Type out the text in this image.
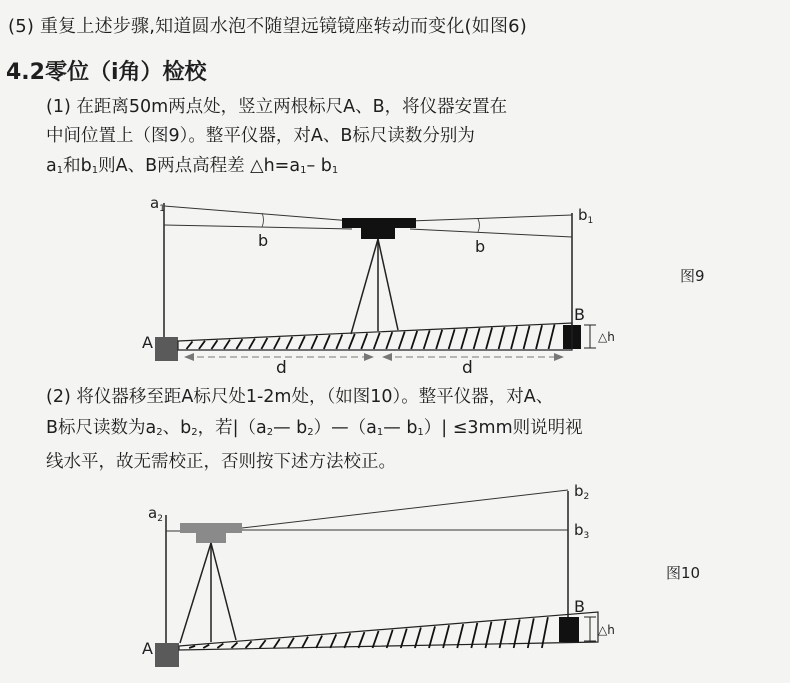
(5) 重复上述步骤,知道圆水泡不随望远镜镜座转动而变化(如图6)
4.2零位（i角）检校
(1) 在距离50m两点处，竖立两根标尺A、B，将仪器安置在
中间位置上（图9）。整平仪器，对A、B标尺读数分别为
$a_1$和$b_1$则A、B两点高程差 $\triangle h=a_1-$ $b_1$
$a_1$	$b_1$
b	b
A
B
d	d
△h
图9
(2) 将仪器移至距A标尺处1-2m处，（如图10）。整平仪器，对A、
B标尺读数为$a_2$、$b_2$，若$|(a_2—$ $b_2)—(a_1—$ $b_1)| \le 3mm$则说明视
线水平，故无需校正，否则按下述方法校正。
$a_2$
$b_2$
$b_3$
A
B
△h
图10
